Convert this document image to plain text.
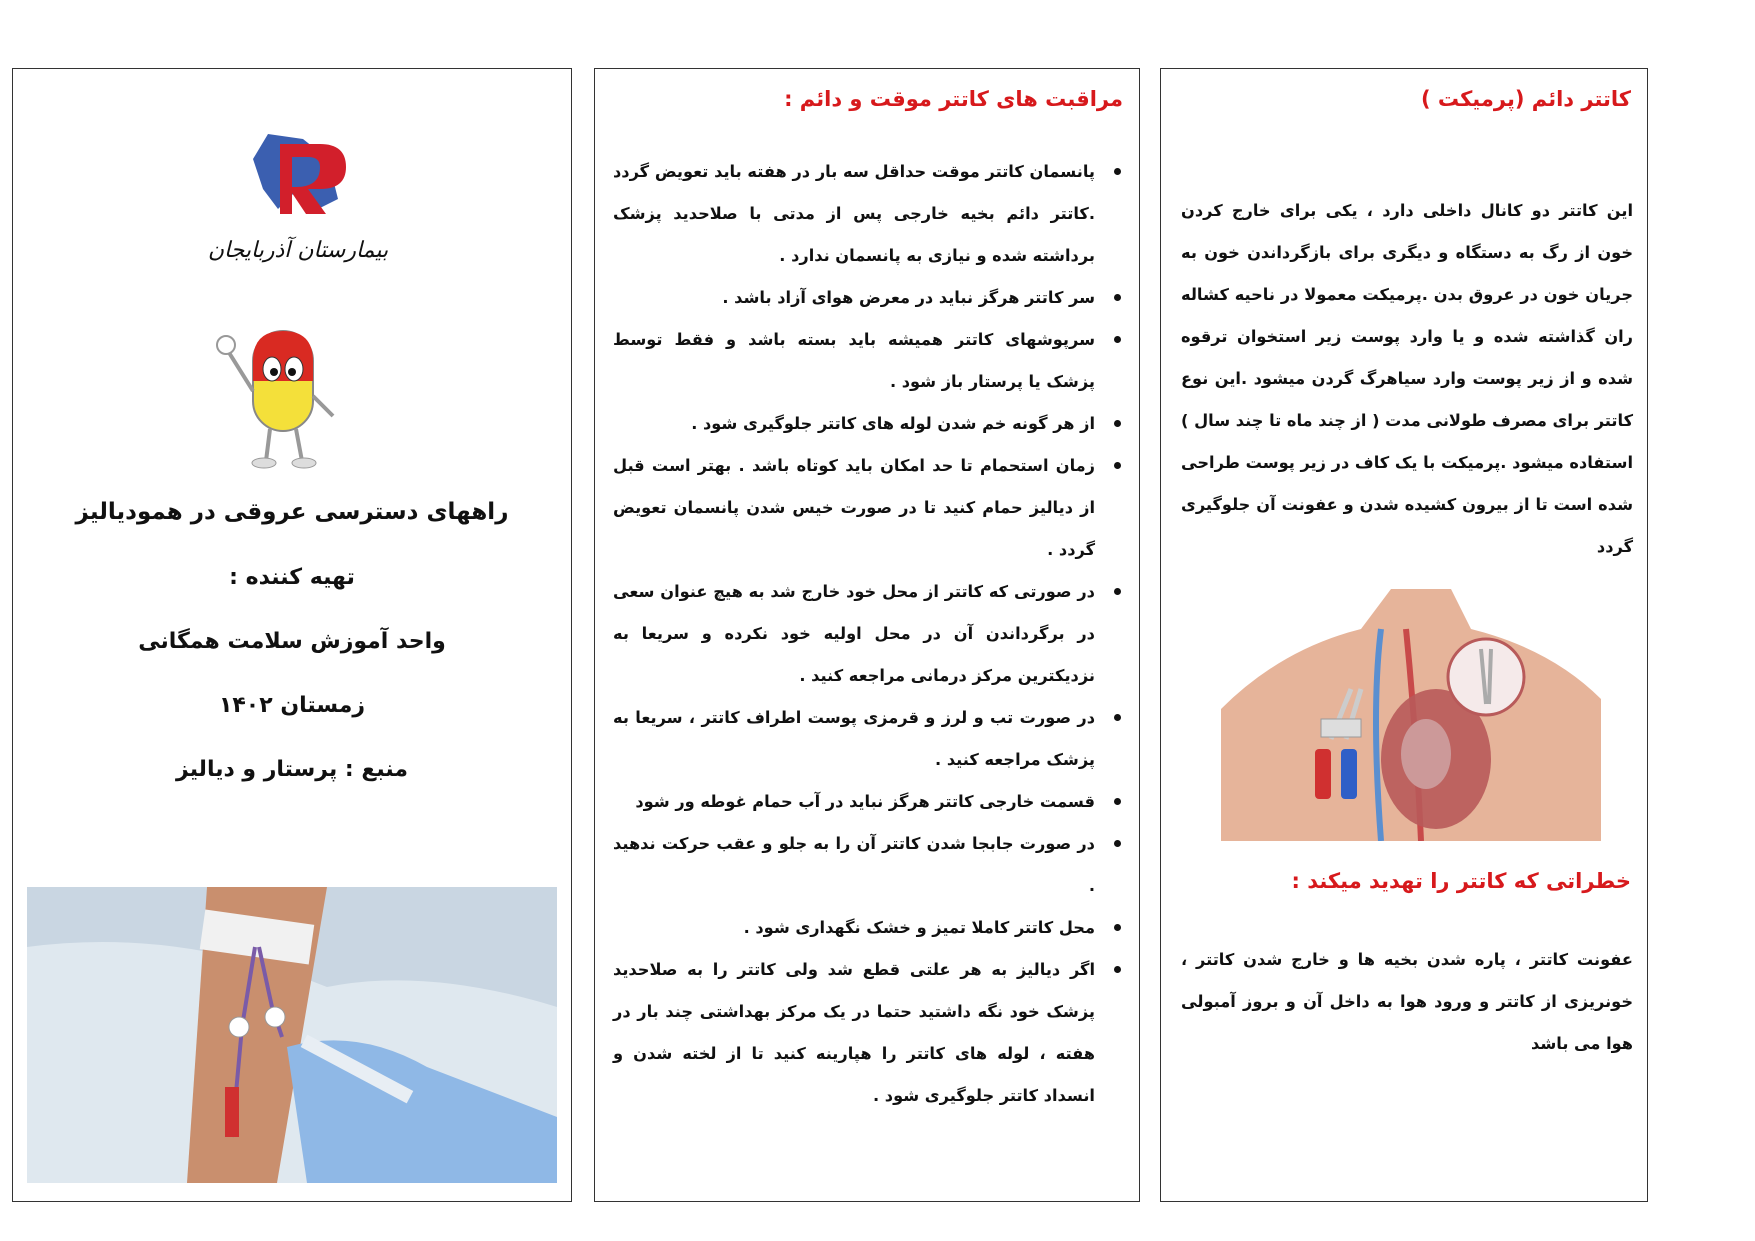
بیمارستان آذربایجان
راههای دسترسی عروقی در همودیالیز
تهیه کننده :
واحد آموزش سلامت همگانی
زمستان ۱۴۰۲
منبع : پرستار و دیالیز
مراقبت های کاتتر موقت و دائم :
پانسمان کاتتر موقت حداقل سه بار در هفته باید تعویض گردد .کاتتر دائم بخیه خارجی پس از مدتی با صلاحدید پزشک برداشته شده و نیازی به پانسمان ندارد .
سر کاتتر هرگز نباید در معرض هوای آزاد باشد .
سرپوشهای کاتتر همیشه باید بسته باشد و فقط توسط پزشک یا پرستار باز شود .
از هر گونه خم شدن لوله های کاتتر جلوگیری شود .
زمان استحمام تا حد امکان باید کوتاه باشد . بهتر است قبل از دیالیز حمام کنید تا در صورت خیس شدن پانسمان تعویض گردد .
در صورتی که کاتتر از محل خود خارج شد به هیچ عنوان سعی در برگرداندن آن در محل اولیه خود نکرده و سریعا به نزدیکترین مرکز درمانی مراجعه کنید .
در صورت تب و لرز و قرمزی پوست اطراف کاتتر ، سریعا به پزشک مراجعه کنید .
قسمت خارجی کاتتر هرگز نباید در آب حمام غوطه ور شود
در صورت جابجا شدن کاتتر آن را به جلو و عقب حرکت ندهید .
محل کاتتر کاملا تمیز و خشک نگهداری شود .
اگر دیالیز به هر علتی قطع شد ولی کاتتر را به صلاحدید پزشک خود نگه داشتید حتما در یک مرکز بهداشتی چند بار در هفته ، لوله های کاتتر را هپارینه کنید تا از لخته شدن و انسداد کاتتر جلوگیری شود .
کاتتر دائم (پرمیکت )
این کاتتر دو کانال داخلی دارد ، یکی برای خارج کردن خون از رگ به دستگاه و دیگری برای بازگرداندن خون به جریان خون در عروق بدن .پرمیکت معمولا در ناحیه کشاله ران گذاشته شده و یا وارد پوست زیر استخوان ترقوه شده و از زیر پوست وارد سیاهرگ گردن میشود .این نوع کاتتر برای مصرف طولانی مدت ( از چند ماه تا چند سال ) استفاده میشود .پرمیکت با یک کاف در زیر پوست طراحی شده است تا از بیرون کشیده شدن و عفونت آن جلوگیری گردد
خطراتی که کاتتر را تهدید میکند :
عفونت کاتتر ، پاره شدن بخیه ها و خارج شدن کاتتر ، خونریزی از کاتتر و ورود هوا به داخل آن و بروز آمبولی هوا می باشد
